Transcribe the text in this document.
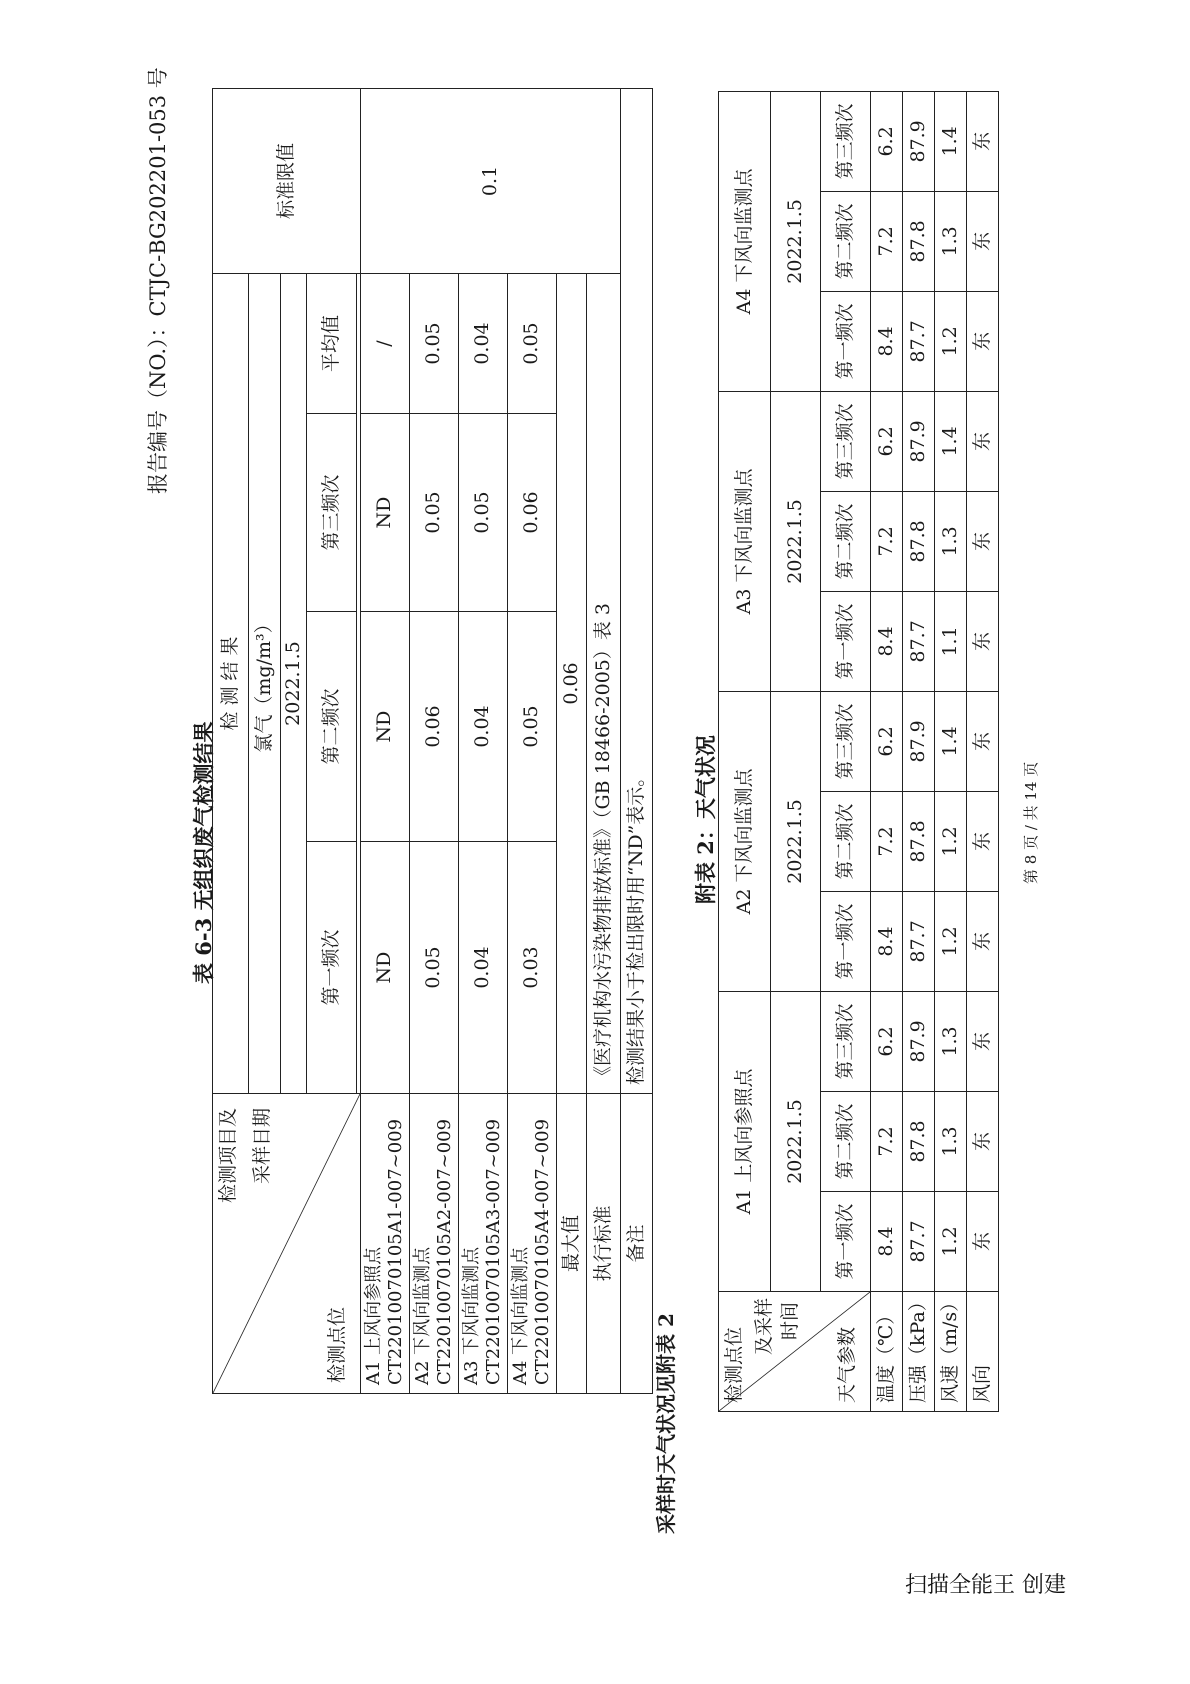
报告编号（NO.）：CTJC-BG202201-053 号
表 6-3 无组织废气检测结果
检测项目及 采样日期
检测点位	检 测 结 果				标准限值
	氯气（mg/m³）				
	2022.1.5				
	第一频次	第二频次	第三频次	平均值	

A1 上风向参照点
CT22010070105A1-007~009	ND	ND	ND	/	0.1
A2 下风向监测点
CT22010070105A2-007~009	0.05	0.06	0.05	0.05	
A3 下风向监测点
CT22010070105A3-007~009	0.04	0.04	0.05	0.04	
A4 下风向监测点
CT22010070105A4-007~009	0.03	0.05	0.06	0.05	
最大值	0.06				
执行标准	《医疗机构水污染物排放标准》（GB 18466-2005）表 3				
备注	检测结果小于检出限时用“ND”表示。				
采样时天气状况见附表 2
附表 2：天气状况
检测点位
及采样 时间
天气参数	A1 上风向参照点			A2 下风向监测点			A3 下风向监测点			A4 下风向监测点		
	2022.1.5			2022.1.5			2022.1.5			2022.1.5		
	第一频次	第二频次	第三频次	第一频次	第二频次	第三频次	第一频次	第二频次	第三频次	第一频次	第二频次	第三频次
温度（℃）	8.4	7.2	6.2	8.4	7.2	6.2	8.4	7.2	6.2	8.4	7.2	6.2
压强（kPa）	87.7	87.8	87.9	87.7	87.8	87.9	87.7	87.8	87.9	87.7	87.8	87.9
风速（m/s）	1.2	1.3	1.3	1.2	1.2	1.4	1.1	1.3	1.4	1.2	1.3	1.4
风向	东	东	东	东	东	东	东	东	东	东	东	东
第 8 页 / 共 14 页
扫描全能王 创建
